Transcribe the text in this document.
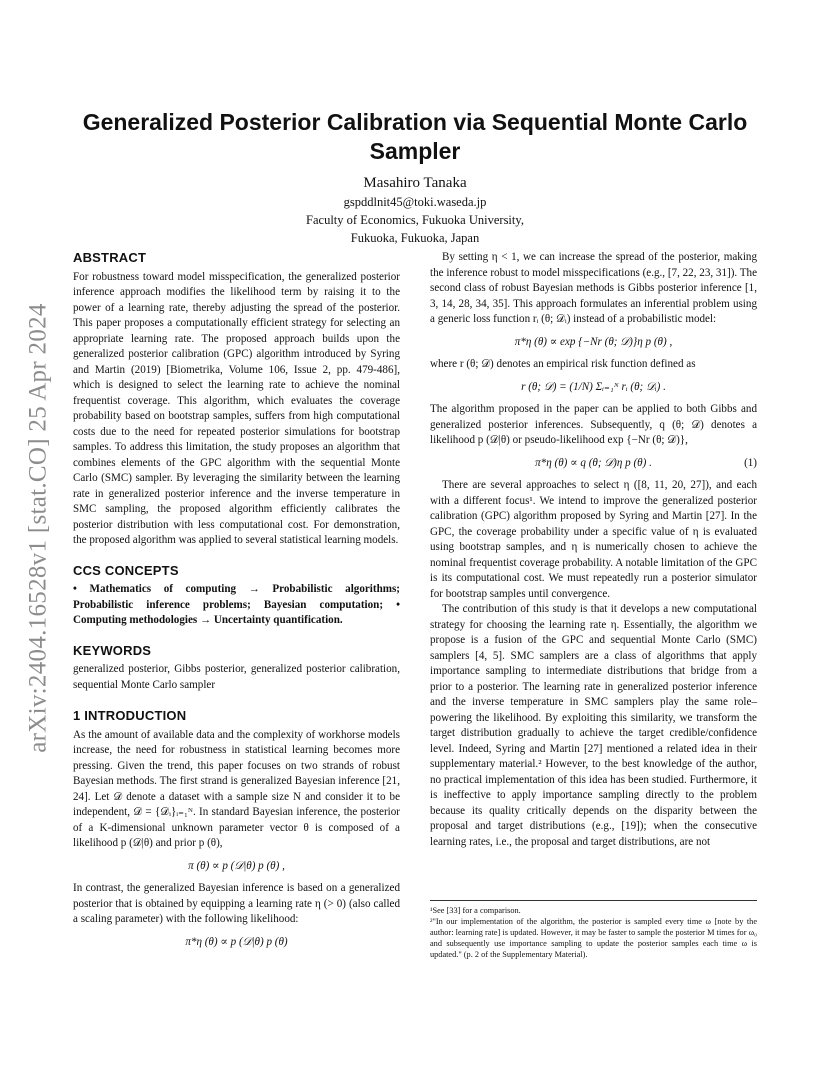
arXiv:2404.16528v1 [stat.CO] 25 Apr 2024
Generalized Posterior Calibration via Sequential Monte Carlo Sampler
Masahiro Tanaka
gspddlnit45@toki.waseda.jp
Faculty of Economics, Fukuoka University,
Fukuoka, Fukuoka, Japan
ABSTRACT

For robustness toward model misspecification, the generalized posterior inference approach modifies the likelihood term by raising it to the power of a learning rate, thereby adjusting the spread of the posterior. This paper proposes a computationally efficient strategy for selecting an appropriate learning rate. The proposed approach builds upon the generalized posterior calibration (GPC) algorithm introduced by Syring and Martin (2019) [Biometrika, Volume 106, Issue 2, pp. 479-486], which is designed to select the learning rate to achieve the nominal frequentist coverage. This algorithm, which evaluates the coverage probability based on bootstrap samples, suffers from high computational costs due to the need for repeated posterior simulations for bootstrap samples. To address this limitation, the study proposes an algorithm that combines elements of the GPC algorithm with the sequential Monte Carlo (SMC) sampler. By leveraging the similarity between the learning rate in generalized posterior inference and the inverse temperature in SMC sampling, the proposed algorithm efficiently calibrates the posterior distribution with less computational cost. For demonstration, the proposed algorithm was applied to several statistical learning models.

CCS CONCEPTS

• Mathematics of computing → Probabilistic algorithms; Probabilistic inference problems; Bayesian computation; • Computing methodologies → Uncertainty quantification.

KEYWORDS

generalized posterior, Gibbs posterior, generalized posterior calibration, sequential Monte Carlo sampler

1 INTRODUCTION

As the amount of available data and the complexity of workhorse models increase, the need for robustness in statistical learning becomes more pressing. Given the trend, this paper focuses on two strands of robust Bayesian methods. The first strand is generalized Bayesian inference [21, 24]. Let 𝒟 denote a dataset with a sample size N and consider it to be independent, 𝒟 = {𝒟ᵢ}ᵢ₌₁ᴺ. In standard Bayesian inference, the posterior of a K-dimensional unknown parameter vector θ is composed of a likelihood p (𝒟|θ) and prior p (θ),

π (θ) ∝ p (𝒟|θ) p (θ) ,

In contrast, the generalized Bayesian inference is based on a generalized posterior that is obtained by equipping a learning rate η (> 0) (also called a scaling parameter) with the following likelihood:

π*η (θ) ∝ p (𝒟|θ) p (θ)

By setting η < 1, we can increase the spread of the posterior, making the inference robust to model misspecifications (e.g., [7, 22, 23, 31]). The second class of robust Bayesian methods is Gibbs posterior inference [1, 3, 14, 28, 34, 35]. This approach formulates an inferential problem using a generic loss function rᵢ (θ; 𝒟ᵢ) instead of a probabilistic model:

π*η (θ) ∝ exp {−Nr (θ; 𝒟)}η p (θ) ,

where r (θ; 𝒟) denotes an empirical risk function defined as

r (θ; 𝒟) = (1/N) Σᵢ₌₁ᴺ rᵢ (θ; 𝒟ᵢ) .

The algorithm proposed in the paper can be applied to both Gibbs and generalized posterior inferences. Subsequently, q (θ; 𝒟) denotes a likelihood p (𝒟|θ) or pseudo-likelihood exp {−Nr (θ; 𝒟)},

π*η (θ) ∝ q (θ; 𝒟)η p (θ) .	(1)

There are several approaches to select η ([8, 11, 20, 27]), and each with a different focus¹. We intend to improve the generalized posterior calibration (GPC) algorithm proposed by Syring and Martin [27]. In the GPC, the coverage probability under a specific value of η is evaluated using bootstrap samples, and η is numerically chosen to achieve the nominal frequentist coverage probability. A notable limitation of the GPC is its computational cost. We must repeatedly run a posterior simulator for bootstrap samples until convergence.

The contribution of this study is that it develops a new computational strategy for choosing the learning rate η. Essentially, the algorithm we propose is a fusion of the GPC and sequential Monte Carlo (SMC) samplers [4, 5]. SMC samplers are a class of algorithms that apply importance sampling to intermediate distributions that bridge from a prior to a posterior. The learning rate in generalized posterior inference and the inverse temperature in SMC samplers play the same role–powering the likelihood. By exploiting this similarity, we transform the target distribution gradually to achieve the target credible/confidence level. Indeed, Syring and Martin [27] mentioned a related idea in their supplementary material.² However, to the best knowledge of the author, no practical implementation of this idea has been studied. Furthermore, it is ineffective to apply importance sampling directly to the problem because its quality critically depends on the disparity between the proposal and target distributions (e.g., [19]); when the consecutive learning rates, i.e., the proposal and target distributions, are not

¹See [33] for a comparison.
²"In our implementation of the algorithm, the posterior is sampled every time ω [note by the author: learning rate] is updated. However, it may be faster to sample the posterior M times for ω₀ and subsequently use importance sampling to update the posterior samples each time ω is updated." (p. 2 of the Supplementary Material).
